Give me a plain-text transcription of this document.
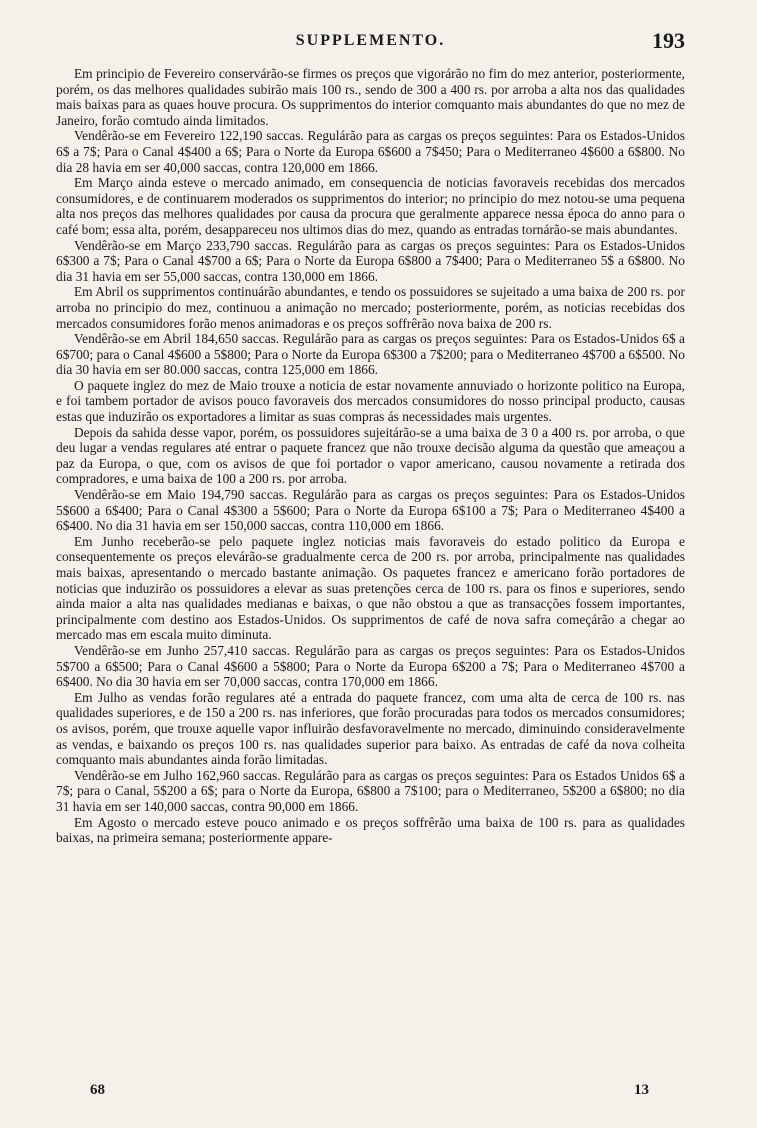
SUPPLEMENTO.	193

Em principio de Fevereiro conservárão-se firmes os preços que vigorárão no fim do mez anterior, posteriormente, porém, os das melhores qualidades subirão mais 100 rs., sendo de 300 a 400 rs. por arroba a alta nos das qualidades mais baixas para as quaes houve procura. Os supprimentos do interior comquanto mais abundantes do que no mez de Janeiro, forão comtudo ainda limitados.

Vendêrão-se em Fevereiro 122,190 saccas. Regulárão para as cargas os preços seguintes: Para os Estados-Unidos 6$ a 7$; Para o Canal 4$400 a 6$; Para o Norte da Europa 6$600 a 7$450; Para o Mediterraneo 4$600 a 6$800. No dia 28 havia em ser 40,000 saccas, contra 120,000 em 1866.

Em Março ainda esteve o mercado animado, em consequencia de noticias favoraveis recebidas dos mercados consumidores, e de continuarem moderados os supprimentos do interior; no principio do mez notou-se uma pequena alta nos preços das melhores qualidades por causa da procura que geralmente apparece nessa época do anno para o café bom; essa alta, porém, desappareceu nos ultimos dias do mez, quando as entradas tornárão-se mais abundantes.

Vendêrão-se em Março 233,790 saccas. Regulárão para as cargas os preços seguintes: Para os Estados-Unidos 6$300 a 7$; Para o Canal 4$700 a 6$; Para o Norte da Europa 6$800 a 7$400; Para o Mediterraneo 5$ a 6$800. No dia 31 havia em ser 55,000 saccas, contra 130,000 em 1866.

Em Abril os supprimentos continuárão abundantes, e tendo os possuidores se sujeitado a uma baixa de 200 rs. por arroba no principio do mez, continuou a animação no mercado; posteriormente, porém, as noticias recebidas dos mercados consumidores forão menos animadoras e os preços soffrêrão nova baixa de 200 rs.

Vendêrão-se em Abril 184,650 saccas. Regulárão para as cargas os preços seguintes: Para os Estados-Unidos 6$ a 6$700; para o Canal 4$600 a 5$800; Para o Norte da Europa 6$300 a 7$200; para o Mediterraneo 4$700 a 6$500. No dia 30 havia em ser 80.000 saccas, contra 125,000 em 1866.

O paquete inglez do mez de Maio trouxe a noticia de estar novamente annuviado o horizonte politico na Europa, e foi tambem portador de avisos pouco favoraveis dos mercados consumidores do nosso principal producto, causas estas que induzirão os exportadores a limitar as suas compras ás necessidades mais urgentes.

Depois da sahida desse vapor, porém, os possuidores sujeitárão-se a uma baixa de 3 0 a 400 rs. por arroba, o que deu lugar a vendas regulares até entrar o paquete francez que não trouxe decisão alguma da questão que ameaçou a paz da Europa, o que, com os avisos de que foi portador o vapor americano, causou novamente a retirada dos compradores, e uma baixa de 100 a 200 rs. por arroba.

Vendêrão-se em Maio 194,790 saccas. Regulárão para as cargas os preços seguintes: Para os Estados-Unidos 5$600 a 6$400; Para o Canal 4$300 a 5$600; Para o Norte da Europa 6$100 a 7$; Para o Mediterraneo 4$400 a 6$400. No dia 31 havia em ser 150,000 saccas, contra 110,000 em 1866.

Em Junho receberão-se pelo paquete inglez noticias mais favoraveis do estado politico da Europa e consequentemente os preços elevárão-se gradualmente cerca de 200 rs. por arroba, principalmente nas qualidades mais baixas, apresentando o mercado bastante animação. Os paquetes francez e americano forão portadores de noticias que induzirão os possuidores a elevar as suas pretenções cerca de 100 rs. para os finos e superiores, sendo ainda maior a alta nas qualidades medianas e baixas, o que não obstou a que as transacções fossem importantes, principalmente com destino aos Estados-Unidos. Os supprimentos de café de nova safra começárão a chegar ao mercado mas em escala muito diminuta.

Vendêrão-se em Junho 257,410 saccas. Regulárão para as cargas os preços seguintes: Para os Estados-Unidos 5$700 a 6$500; Para o Canal 4$600 a 5$800; Para o Norte da Europa 6$200 a 7$; Para o Mediterraneo 4$700 a 6$400. No dia 30 havia em ser 70,000 saccas, contra 170,000 em 1866.

Em Julho as vendas forão regulares até a entrada do paquete francez, com uma alta de cerca de 100 rs. nas qualidades superiores, e de 150 a 200 rs. nas inferiores, que forão procuradas para todos os mercados consumidores; os avisos, porém, que trouxe aquelle vapor influirão desfavoravelmente no mercado, diminuindo consideravelmente as vendas, e baixando os preços 100 rs. nas qualidades superior para baixo. As entradas de café da nova colheita comquanto mais abundantes ainda forão limitadas.

Vendêrão-se em Julho 162,960 saccas. Regulárão para as cargas os preços seguintes: Para os Estados Unidos 6$ a 7$; para o Canal, 5$200 a 6$; para o Norte da Europa, 6$800 a 7$100; para o Mediterraneo, 5$200 a 6$800; no dia 31 havia em ser 140,000 saccas, contra 90,000 em 1866.

Em Agosto o mercado esteve pouco animado e os preços soffrêrão uma baixa de 100 rs. para as qualidades baixas, na primeira semana; posteriormente appare-

68	13
